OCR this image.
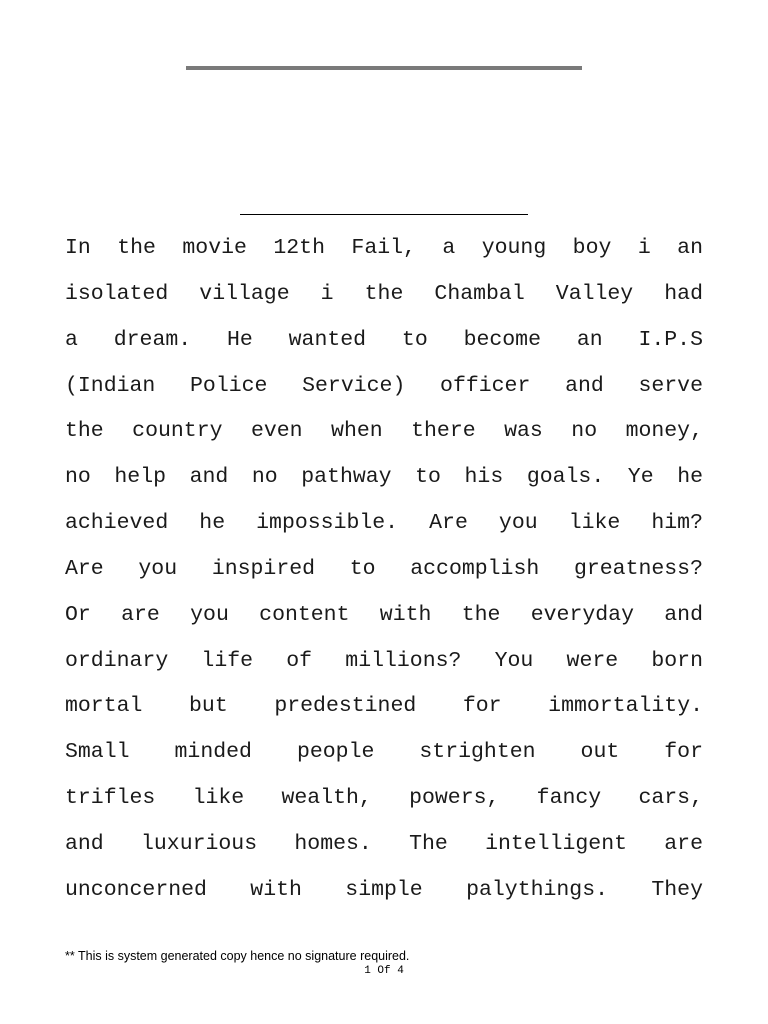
In the movie 12th Fail, a young boy i an
isolated village i the Chambal Valley had
a dream. He wanted to become an I.P.S
(Indian Police Service) officer and serve
the country even when there was no money,
no help and no pathway to his goals. Ye he
achieved he impossible. Are you like him?
Are you inspired to accomplish greatness?
Or are you content with the everyday and
ordinary life of millions? You were born
mortal but predestined for immortality.
Small minded people strighten out for
trifles like wealth, powers, fancy cars,
and luxurious homes. The intelligent are
unconcerned with simple palythings. They
** This is system generated copy hence no signature required.
1 Of 4
